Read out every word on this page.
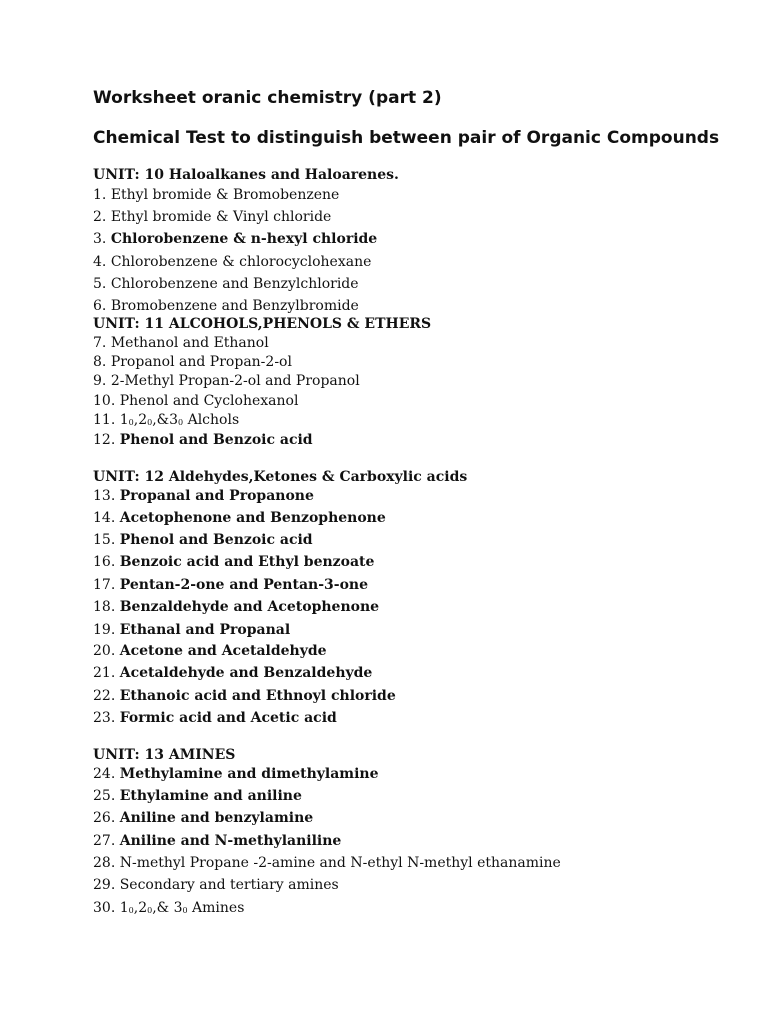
Worksheet oranic chemistry (part 2)
Chemical Test to distinguish between pair of Organic Compounds
UNIT: 10 Haloalkanes and Haloarenes.
1. Ethyl bromide & Bromobenzene
2. Ethyl bromide & Vinyl chloride
3. Chlorobenzene & n-hexyl chloride
4. Chlorobenzene & chlorocyclohexane
5. Chlorobenzene and Benzylchloride
6. Bromobenzene and Benzylbromide
UNIT: 11 ALCOHOLS,PHENOLS & ETHERS
7. Methanol and Ethanol
8. Propanol and Propan-2-ol
9. 2-Methyl Propan-2-ol and Propanol
10. Phenol and Cyclohexanol
11. $1_0,2_0,\&3_0$ Alchols
12. Phenol and Benzoic acid
UNIT: 12 Aldehydes,Ketones & Carboxylic acids
13. Propanal and Propanone
14. Acetophenone and Benzophenone
15. Phenol and Benzoic acid
16. Benzoic acid and Ethyl benzoate
17. Pentan-2-one and Pentan-3-one
18. Benzaldehyde and Acetophenone
19. Ethanal and Propanal
20. Acetone and Acetaldehyde
21. Acetaldehyde and Benzaldehyde
22. Ethanoic acid and Ethnoyl chloride
23. Formic acid and Acetic acid
UNIT: 13 AMINES
24. Methylamine and dimethylamine
25. Ethylamine and aniline
26. Aniline and benzylamine
27. Aniline and N-methylaniline
28. N-methyl Propane -2-amine and N-ethyl N-methyl ethanamine
29. Secondary and tertiary amines
30. $1_0,2_0,\&$ $3_0$ Amines
